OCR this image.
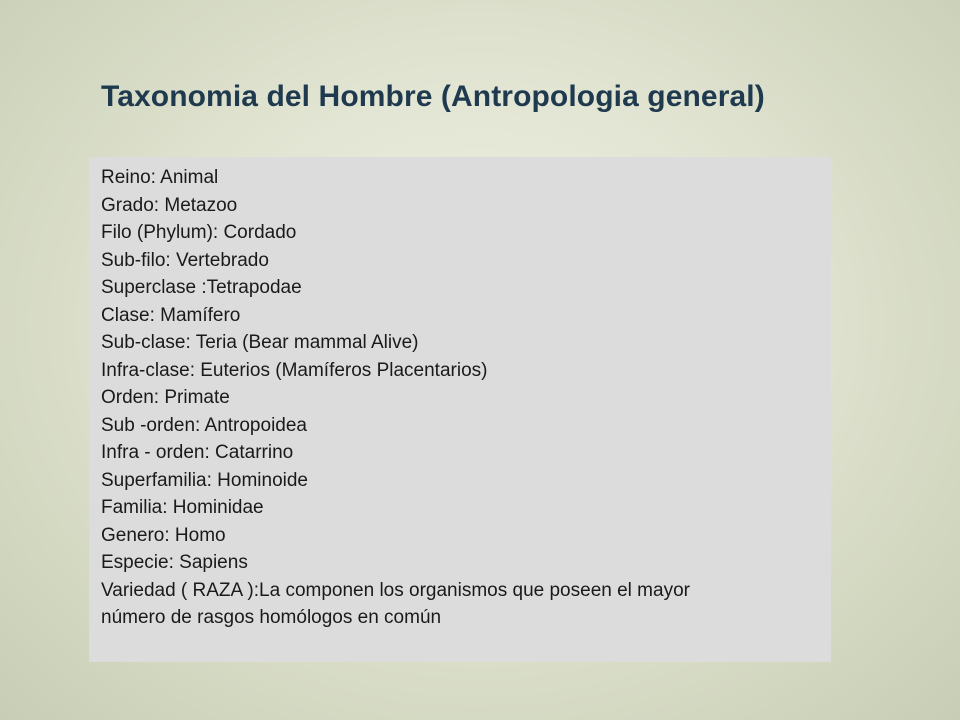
Taxonomia del Hombre (Antropologia general)
Reino: Animal
Grado: Metazoo
Filo (Phylum): Cordado
Sub-filo: Vertebrado
Superclase :Tetrapodae
Clase: Mamífero
Sub-clase: Teria (Bear mammal Alive)
Infra-clase: Euterios (Mamíferos Placentarios)
Orden: Primate
Sub -orden: Antropoidea
Infra - orden: Catarrino
Superfamilia: Hominoide
Familia: Hominidae
Genero: Homo
Especie: Sapiens
Variedad ( RAZA ):La componen los organismos que poseen el mayor
número de rasgos homólogos en común
